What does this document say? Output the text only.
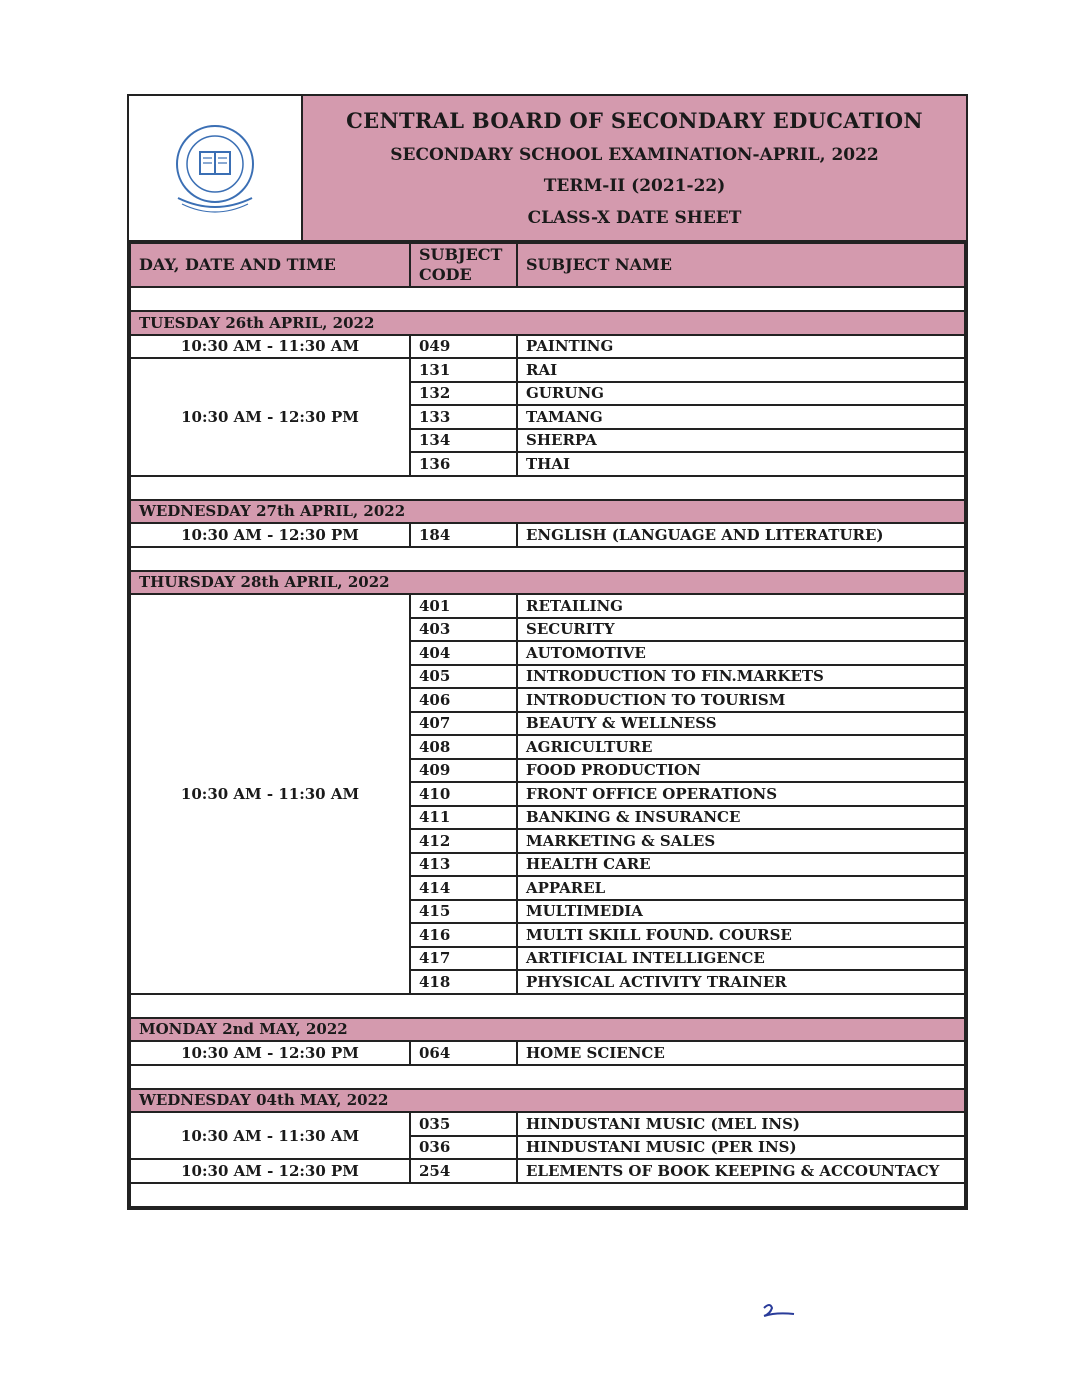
CENTRAL BOARD OF SECONDARY EDUCATION
SECONDARY SCHOOL EXAMINATION-APRIL, 2022
TERM-II (2021-22)
CLASS-X DATE SHEET
DAY, DATE AND TIME	SUBJECT CODE	SUBJECT NAME

TUESDAY 26th APRIL, 2022		
10:30 AM - 11:30 AM	049	PAINTING
10:30 AM - 12:30 PM	131	RAI
	132	GURUNG
	133	TAMANG
	134	SHERPA
	136	THAI

WEDNESDAY 27th APRIL, 2022		
10:30 AM - 12:30 PM	184	ENGLISH (LANGUAGE AND LITERATURE)

THURSDAY 28th APRIL, 2022		
10:30 AM - 11:30 AM	401	RETAILING
	403	SECURITY
	404	AUTOMOTIVE
	405	INTRODUCTION TO FIN.MARKETS
	406	INTRODUCTION TO TOURISM
	407	BEAUTY & WELLNESS
	408	AGRICULTURE
	409	FOOD PRODUCTION
	410	FRONT OFFICE OPERATIONS
	411	BANKING & INSURANCE
	412	MARKETING & SALES
	413	HEALTH CARE
	414	APPAREL
	415	MULTIMEDIA
	416	MULTI SKILL FOUND. COURSE
	417	ARTIFICIAL INTELLIGENCE
	418	PHYSICAL ACTIVITY TRAINER

MONDAY 2nd MAY, 2022		
10:30 AM - 12:30 PM	064	HOME SCIENCE

WEDNESDAY 04th MAY, 2022		
10:30 AM - 11:30 AM	035	HINDUSTANI MUSIC (MEL INS)
	036	HINDUSTANI MUSIC (PER INS)
10:30 AM - 12:30 PM	254	ELEMENTS OF BOOK KEEPING & ACCOUNTACY
